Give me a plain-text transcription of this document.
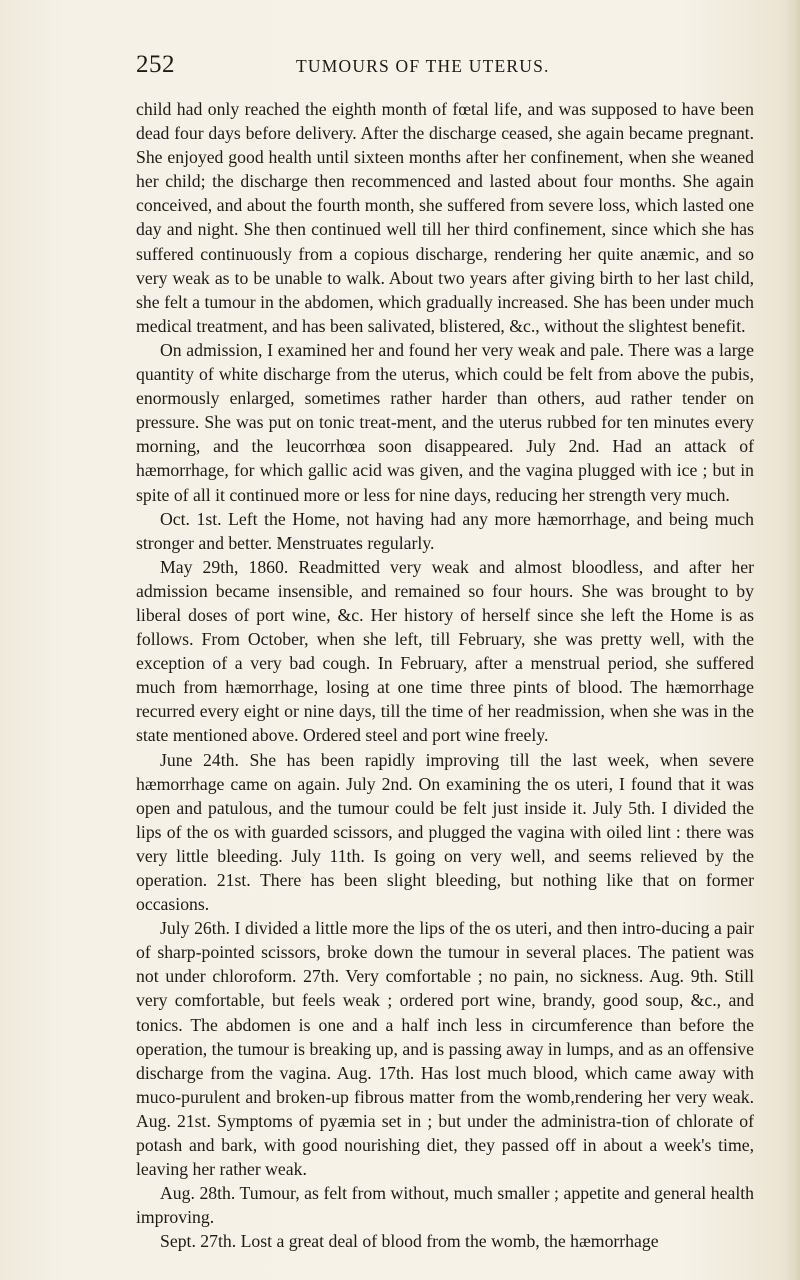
252	TUMOURS OF THE UTERUS.

child had only reached the eighth month of fœtal life, and was supposed to have been dead four days before delivery. After the discharge ceased, she again became pregnant. She enjoyed good health until sixteen months after her confinement, when she weaned her child; the discharge then recommenced and lasted about four months. She again conceived, and about the fourth month, she suffered from severe loss, which lasted one day and night. She then continued well till her third confinement, since which she has suffered continuously from a copious discharge, rendering her quite anæmic, and so very weak as to be unable to walk. About two years after giving birth to her last child, she felt a tumour in the abdomen, which gradually increased. She has been under much medical treatment, and has been salivated, blistered, &c., without the slightest benefit.

On admission, I examined her and found her very weak and pale. There was a large quantity of white discharge from the uterus, which could be felt from above the pubis, enormously enlarged, sometimes rather harder than others, aud rather tender on pressure. She was put on tonic treat-ment, and the uterus rubbed for ten minutes every morning, and the leucorrhœa soon disappeared. July 2nd. Had an attack of hæmorrhage, for which gallic acid was given, and the vagina plugged with ice ; but in spite of all it continued more or less for nine days, reducing her strength very much.

Oct. 1st. Left the Home, not having had any more hæmorrhage, and being much stronger and better. Menstruates regularly.

May 29th, 1860. Readmitted very weak and almost bloodless, and after her admission became insensible, and remained so four hours. She was brought to by liberal doses of port wine, &c. Her history of herself since she left the Home is as follows. From October, when she left, till February, she was pretty well, with the exception of a very bad cough. In February, after a menstrual period, she suffered much from hæmorrhage, losing at one time three pints of blood. The hæmorrhage recurred every eight or nine days, till the time of her readmission, when she was in the state mentioned above. Ordered steel and port wine freely.

June 24th. She has been rapidly improving till the last week, when severe hæmorrhage came on again. July 2nd. On examining the os uteri, I found that it was open and patulous, and the tumour could be felt just inside it. July 5th. I divided the lips of the os with guarded scissors, and plugged the vagina with oiled lint : there was very little bleeding. July 11th. Is going on very well, and seems relieved by the operation. 21st. There has been slight bleeding, but nothing like that on former occasions.

July 26th. I divided a little more the lips of the os uteri, and then intro-ducing a pair of sharp-pointed scissors, broke down the tumour in several places. The patient was not under chloroform. 27th. Very comfortable ; no pain, no sickness. Aug. 9th. Still very comfortable, but feels weak ; ordered port wine, brandy, good soup, &c., and tonics. The abdomen is one and a half inch less in circumference than before the operation, the tumour is breaking up, and is passing away in lumps, and as an offensive discharge from the vagina. Aug. 17th. Has lost much blood, which came away with muco-purulent and broken-up fibrous matter from the womb,rendering her very weak. Aug. 21st. Symptoms of pyæmia set in ; but under the administra-tion of chlorate of potash and bark, with good nourishing diet, they passed off in about a week's time, leaving her rather weak.

Aug. 28th. Tumour, as felt from without, much smaller ; appetite and general health improving.

Sept. 27th. Lost a great deal of blood from the womb, the hæmorrhage
